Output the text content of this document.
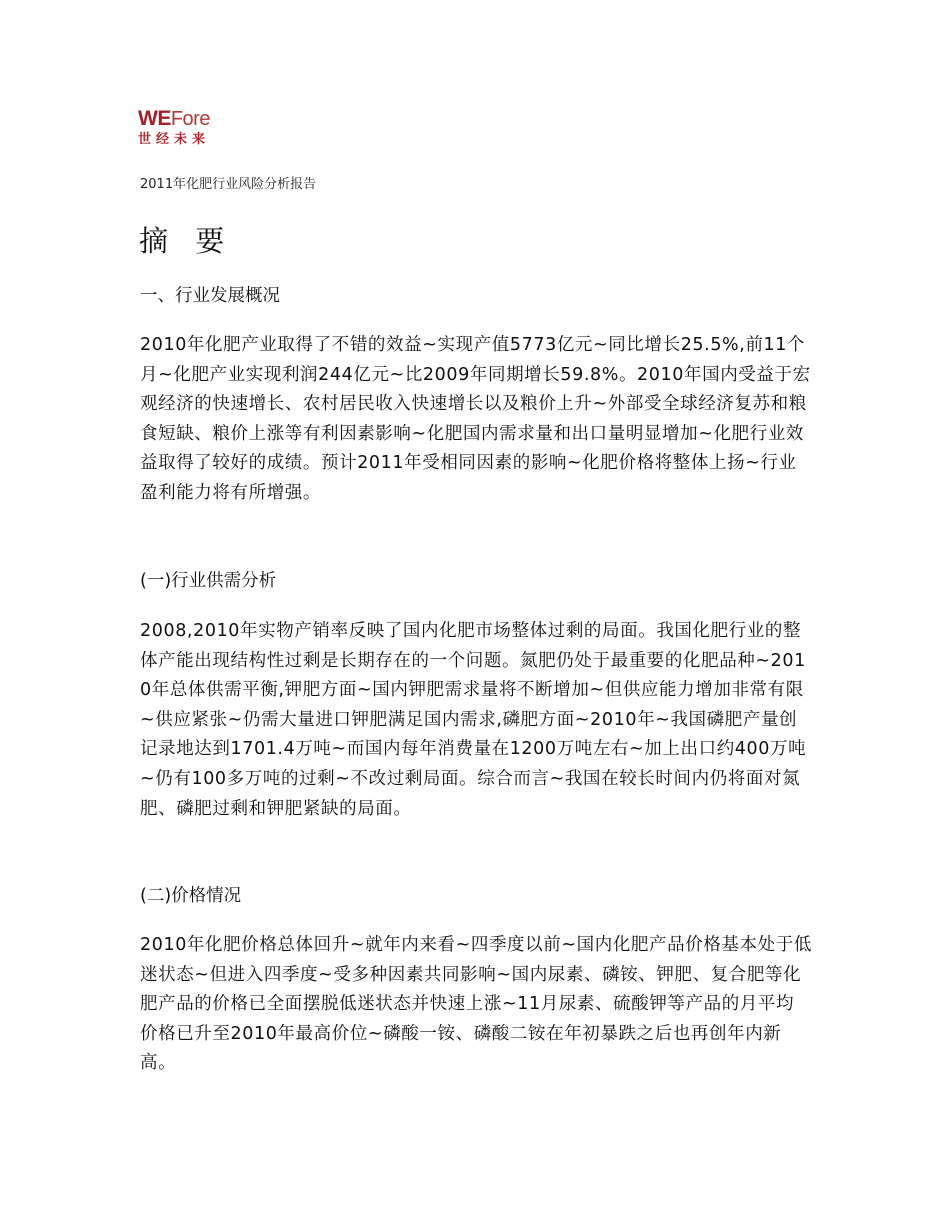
WE Fore
世经未来
2011年化肥行业风险分析报告
摘 要
一、行业发展概况

2010年化肥产业取得了不错的效益~实现产值5773亿元~同比增长25.5%,前11个月~化肥产业实现利润244亿元~比2009年同期增长59.8%。2010年国内受益于宏观经济的快速增长、农村居民收入快速增长以及粮价上升~外部受全球经济复苏和粮食短缺、粮价上涨等有利因素影响~化肥国内需求量和出口量明显增加~化肥行业效益取得了较好的成绩。预计2011年受相同因素的影响~化肥价格将整体上扬~行业盈利能力将有所增强。

(一)行业供需分析

2008,2010年实物产销率反映了国内化肥市场整体过剩的局面。我国化肥行业的整体产能出现结构性过剩是长期存在的一个问题。氮肥仍处于最重要的化肥品种~2010年总体供需平衡,钾肥方面~国内钾肥需求量将不断增加~但供应能力增加非常有限~供应紧张~仍需大量进口钾肥满足国内需求,磷肥方面~2010年~我国磷肥产量创记录地达到1701.4万吨~而国内每年消费量在1200万吨左右~加上出口约400万吨~仍有100多万吨的过剩~不改过剩局面。综合而言~我国在较长时间内仍将面对氮肥、磷肥过剩和钾肥紧缺的局面。

(二)价格情况

2010年化肥价格总体回升~就年内来看~四季度以前~国内化肥产品价格基本处于低迷状态~但进入四季度~受多种因素共同影响~国内尿素、磷铵、钾肥、复合肥等化肥产品的价格已全面摆脱低迷状态并快速上涨~11月尿素、硫酸钾等产品的月平均价格已升至2010年最高价位~磷酸一铵、磷酸二铵在年初暴跌之后也再创年内新高。
